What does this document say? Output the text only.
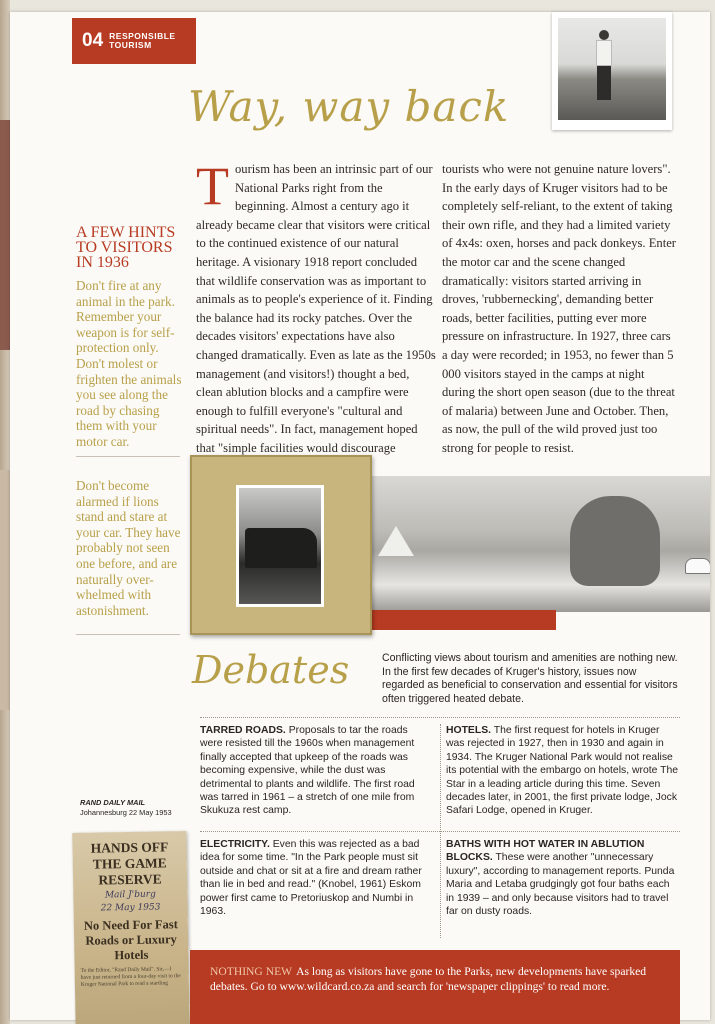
04 RESPONSIBLE
TOURISM
Way, way back
A FEW HINTS TO VISITORS IN 1936

Don't fire at any animal in the park. Remember your weapon is for self-protection only. Don't molest or frighten the animals you see along the road by chasing them with your motor car.

Don't become alarmed if lions stand and stare at your car. They have probably not seen one before, and are naturally over-whelmed with astonishment.

T ourism has been an intrinsic part of our National Parks right from the beginning. Almost a century ago it already became clear that visitors were critical to the continued existence of our natural heritage. A visionary 1918 report concluded that wildlife conservation was as important to animals as to people's experience of it. Finding the balance had its rocky patches. Over the decades visitors' expectations have also changed dramatically. Even as late as the 1950s management (and visitors!) thought a bed, clean ablution blocks and a campfire were enough to fulfill everyone's "cultural and spiritual needs". In fact, management hoped that "simple facilities would discourage
tourists who were not genuine nature lovers". In the early days of Kruger visitors had to be completely self-reliant, to the extent of taking their own rifle, and they had a limited variety of 4x4s: oxen, horses and pack donkeys. Enter the motor car and the scene changed dramatically: visitors started arriving in droves, 'rubbernecking', demanding better roads, better facilities, putting ever more pressure on infrastructure. In 1927, three cars a day were recorded; in 1953, no fewer than 5 000 visitors stayed in the camps at night during the short open season (due to the threat of malaria) between June and October. Then, as now, the pull of the wild proved just too strong for people to resist.
Debates	Conflicting views about tourism and amenities are nothing new. In the first few decades of Kruger's history, issues now regarded as beneficial to conservation and essential for visitors often triggered heated debate.

TARRED ROADS. Proposals to tar the roads were resisted till the 1960s when management finally accepted that upkeep of the roads was becoming expensive, while the dust was detrimental to plants and wildlife. The first road was tarred in 1961 – a stretch of one mile from Skukuza rest camp.

HOTELS. The first request for hotels in Kruger was rejected in 1927, then in 1930 and again in 1934. The Kruger National Park would not realise its potential with the embargo on hotels, wrote The Star in a leading article during this time. Seven decades later, in 2001, the first private lodge, Jock Safari Lodge, opened in Kruger.

ELECTRICITY. Even this was rejected as a bad idea for some time. "In the Park people must sit outside and chat or sit at a fire and dream rather than lie in bed and read." (Knobel, 1961) Eskom power first came to Pretoriuskop and Numbi in 1963.

BATHS WITH HOT WATER IN ABLUTION BLOCKS. These were another "unnecessary luxury", according to management reports. Punda Maria and Letaba grudgingly got four baths each in 1939 – and only because visitors had to travel far on dusty roads.

RAND DAILY MAIL
Johannesburg 22 May 1953
HANDS OFF THE GAME RESERVE
Mail J'burg
22 May 1953
No Need For Fast Roads or Luxury Hotels
To the Editor, "Rand Daily Mail". Sir,—I have just returned from a four-day visit to the Kruger National Park to read a startling
NOTHING NEW As long as visitors have gone to the Parks, new developments have sparked debates. Go to www.wildcard.co.za and search for 'newspaper clippings' to read more.
